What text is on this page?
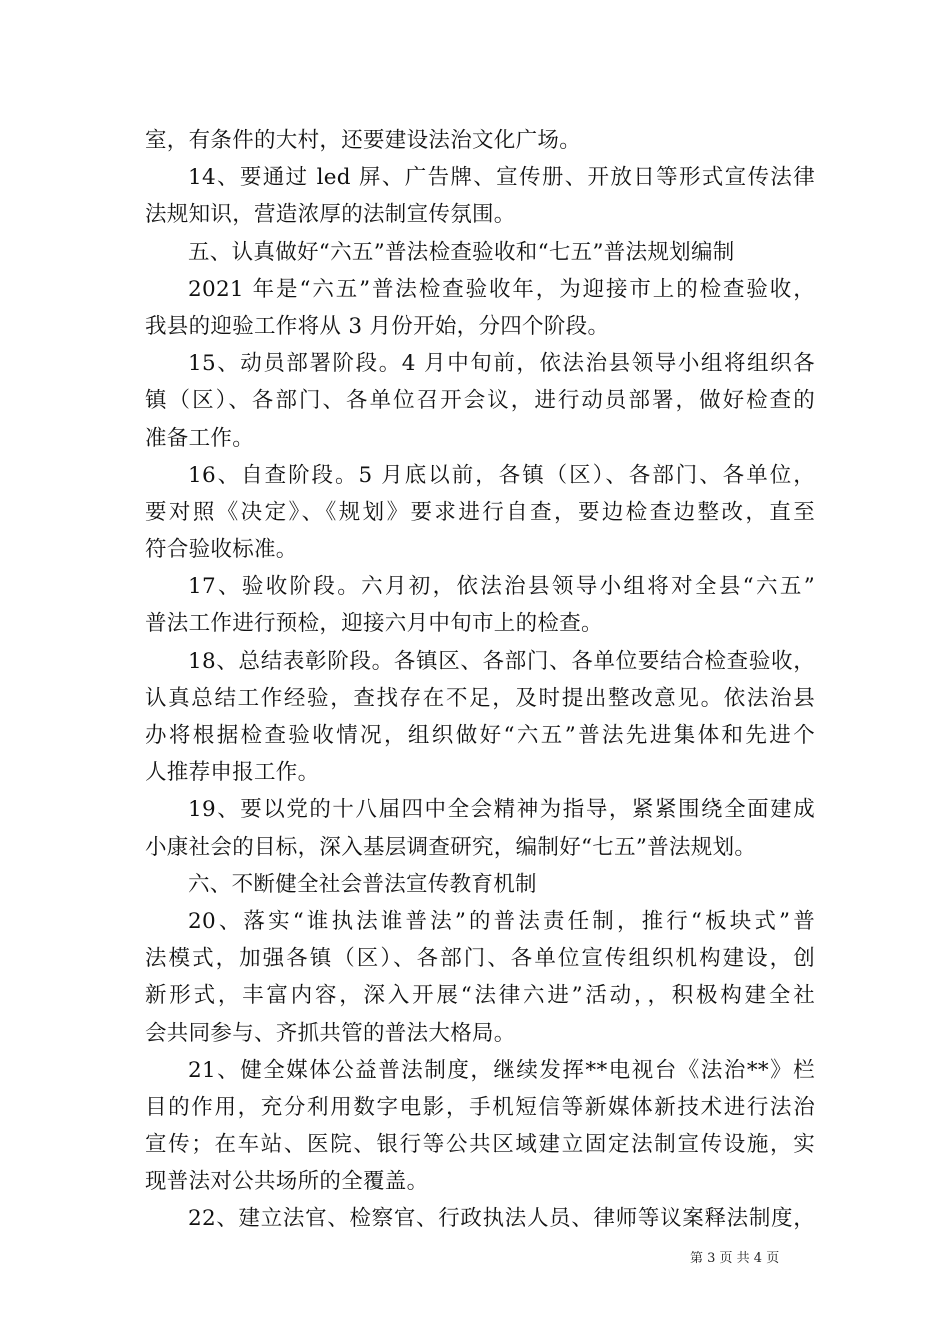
室，有条件的大村，还要建设法治文化广场。
14、要通过 led 屏、广告牌、宣传册、开放日等形式宣传法律
法规知识，营造浓厚的法制宣传氛围。
五、认真做好“六五”普法检查验收和“七五”普法规划编制
2021 年是“六五”普法检查验收年，为迎接市上的检查验收，
我县的迎验工作将从 3 月份开始，分四个阶段。
15、动员部署阶段。4 月中旬前，依法治县领导小组将组织各
镇（区）、各部门、各单位召开会议，进行动员部署，做好检查的
准备工作。
16、自查阶段。5 月底以前，各镇（区）、各部门、各单位，
要对照《决定》、《规划》要求进行自查，要边检查边整改，直至
符合验收标准。
17、验收阶段。六月初，依法治县领导小组将对全县“六五”
普法工作进行预检，迎接六月中旬市上的检查。
18、总结表彰阶段。各镇区、各部门、各单位要结合检查验收，
认真总结工作经验，查找存在不足，及时提出整改意见。依法治县
办将根据检查验收情况，组织做好“六五”普法先进集体和先进个
人推荐申报工作。
19、要以党的十八届四中全会精神为指导，紧紧围绕全面建成
小康社会的目标，深入基层调查研究，编制好“七五”普法规划。
六、不断健全社会普法宣传教育机制
20、落实“谁执法谁普法”的普法责任制，推行“板块式”普
法模式，加强各镇（区）、各部门、各单位宣传组织机构建设，创
新形式，丰富内容，深入开展“法律六进”活动，，积极构建全社
会共同参与、齐抓共管的普法大格局。
21、健全媒体公益普法制度，继续发挥**电视台《法治**》栏
目的作用，充分利用数字电影，手机短信等新媒体新技术进行法治
宣传；在车站、医院、银行等公共区域建立固定法制宣传设施，实
现普法对公共场所的全覆盖。
22、建立法官、检察官、行政执法人员、律师等议案释法制度，
第 3 页 共 4 页
